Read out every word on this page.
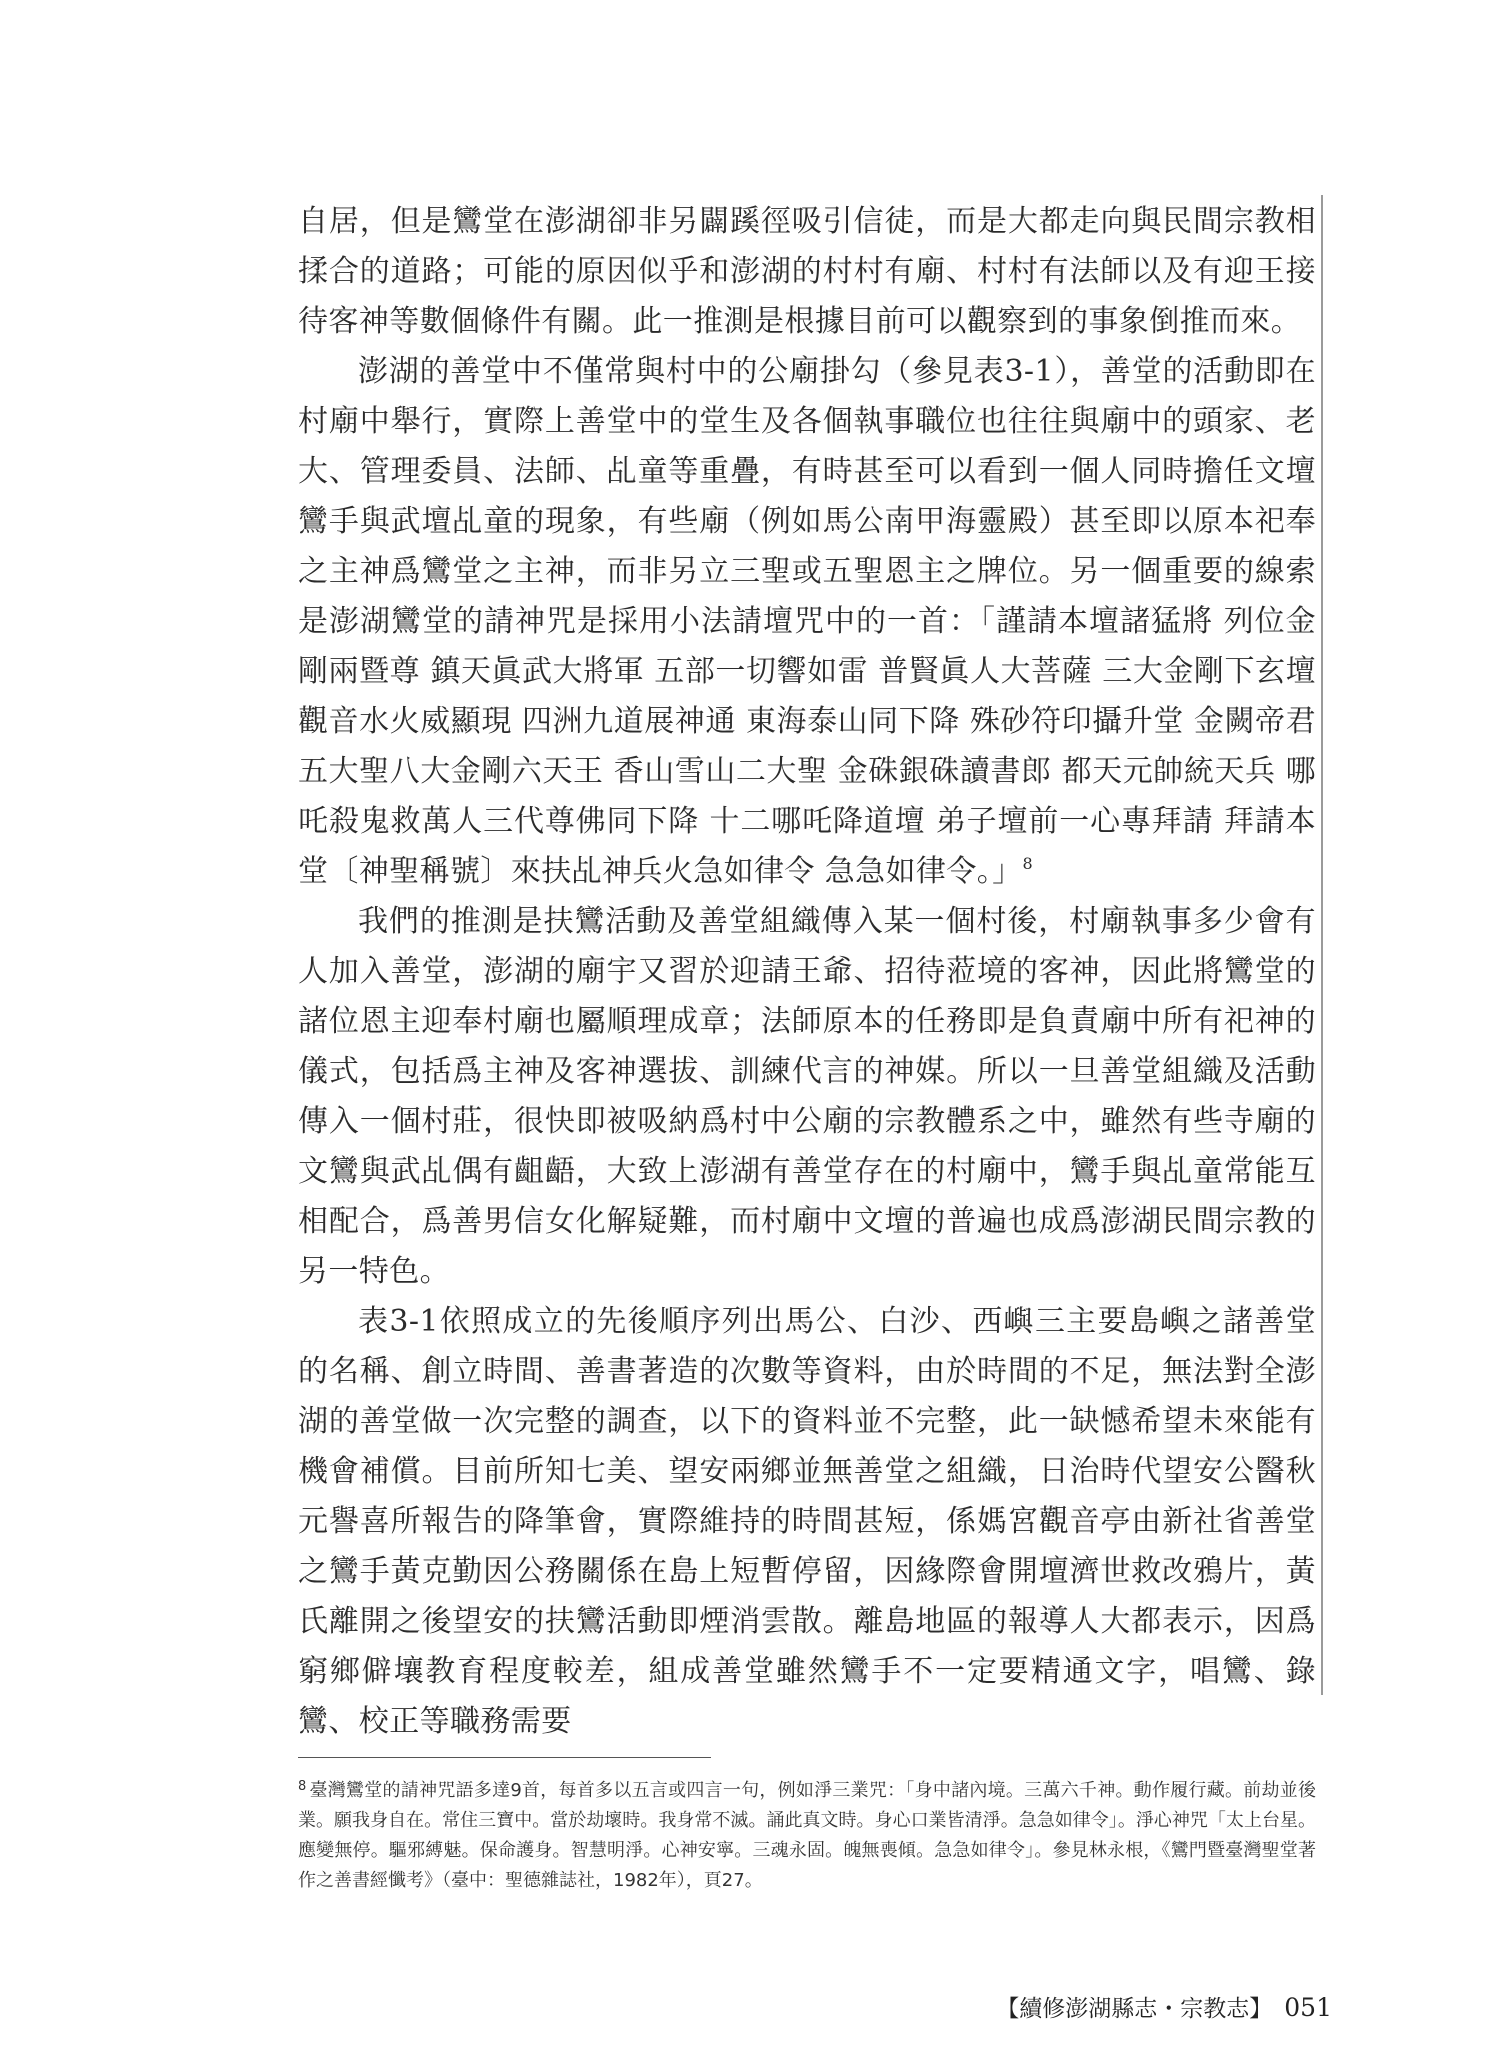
自居，但是鸞堂在澎湖卻非另闢蹊徑吸引信徒，而是大都走向與民間宗教相揉合的道路；可能的原因似乎和澎湖的村村有廟、村村有法師以及有迎王接待客神等數個條件有關。此一推測是根據目前可以觀察到的事象倒推而來。

澎湖的善堂中不僅常與村中的公廟掛勾（參見表3-1），善堂的活動即在村廟中舉行，實際上善堂中的堂生及各個執事職位也往往與廟中的頭家、老大、管理委員、法師、乩童等重疊，有時甚至可以看到一個人同時擔任文壇鸞手與武壇乩童的現象，有些廟（例如馬公南甲海靈殿）甚至即以原本祀奉之主神爲鸞堂之主神，而非另立三聖或五聖恩主之牌位。另一個重要的線索是澎湖鸞堂的請神咒是採用小法請壇咒中的一首：「謹請本壇諸猛將 列位金剛兩暨尊 鎮天眞武大將軍 五部一切響如雷 普賢眞人大菩薩 三大金剛下玄壇 觀音水火威顯現 四洲九道展神通 東海泰山同下降 殊砂符印攝升堂 金闕帝君五大聖八大金剛六天王 香山雪山二大聖 金硃銀硃讀書郎 都天元帥統天兵 哪吒殺鬼救萬人三代尊佛同下降 十二哪吒降道壇 弟子壇前一心專拜請 拜請本堂〔神聖稱號〕來扶乩神兵火急如律令 急急如律令。」$^8$

我們的推測是扶鸞活動及善堂組織傳入某一個村後，村廟執事多少會有人加入善堂，澎湖的廟宇又習於迎請王爺、招待蒞境的客神，因此將鸞堂的諸位恩主迎奉村廟也屬順理成章；法師原本的任務即是負責廟中所有祀神的儀式，包括爲主神及客神選拔、訓練代言的神媒。所以一旦善堂組織及活動傳入一個村莊，很快即被吸納爲村中公廟的宗教體系之中，雖然有些寺廟的文鸞與武乩偶有齟齬，大致上澎湖有善堂存在的村廟中，鸞手與乩童常能互相配合，爲善男信女化解疑難，而村廟中文壇的普遍也成爲澎湖民間宗教的另一特色。

表3-1依照成立的先後順序列出馬公、白沙、西嶼三主要島嶼之諸善堂的名稱、創立時間、善書著造的次數等資料，由於時間的不足，無法對全澎湖的善堂做一次完整的調查，以下的資料並不完整，此一缺憾希望未來能有機會補償。目前所知七美、望安兩鄉並無善堂之組織，日治時代望安公醫秋元譽喜所報告的降筆會，實際維持的時間甚短，係媽宮觀音亭由新社省善堂之鸞手黃克勤因公務關係在島上短暫停留，因緣際會開壇濟世救改鴉片，黃氏離開之後望安的扶鸞活動即煙消雲散。離島地區的報導人大都表示，因爲窮鄉僻壤教育程度較差，組成善堂雖然鸞手不一定要精通文字，唱鸞、錄鸞、校正等職務需要

$^8$ 臺灣鸞堂的請神咒語多達9首，每首多以五言或四言一句，例如淨三業咒：「身中諸內境。三萬六千神。動作履行藏。前劫並後業。願我身自在。常住三寶中。當於劫壞時。我身常不滅。誦此真文時。身心口業皆清淨。急急如律令」。淨心神咒「太上台星。應變無停。驅邪縛魅。保命護身。智慧明淨。心神安寧。三魂永固。魄無喪傾。急急如律令」。參見林永根，《鸞門暨臺灣聖堂著作之善書經懺考》（臺中：聖德雜誌社，1982年），頁27。
【續修澎湖縣志・宗教志】 051
